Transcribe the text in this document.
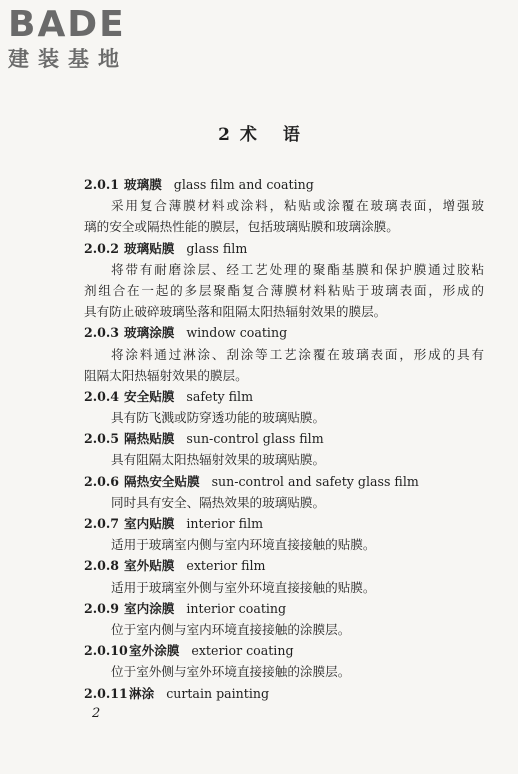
BADE
建装基地
2 术 语
2.0.1 玻璃膜 glass film and coating
采用复合薄膜材料或涂料，粘贴或涂覆在玻璃表面，增强玻
璃的安全或隔热性能的膜层，包括玻璃贴膜和玻璃涂膜。
2.0.2 玻璃贴膜 glass film
将带有耐磨涂层、经工艺处理的聚酯基膜和保护膜通过胶粘
剂组合在一起的多层聚酯复合薄膜材料粘贴于玻璃表面，形成的
具有防止破碎玻璃坠落和阻隔太阳热辐射效果的膜层。
2.0.3 玻璃涂膜 window coating
将涂料通过淋涂、刮涂等工艺涂覆在玻璃表面，形成的具有
阻隔太阳热辐射效果的膜层。
2.0.4 安全贴膜 safety film
具有防飞溅或防穿透功能的玻璃贴膜。
2.0.5 隔热贴膜 sun-control glass film
具有阻隔太阳热辐射效果的玻璃贴膜。
2.0.6 隔热安全贴膜 sun-control and safety glass film
同时具有安全、隔热效果的玻璃贴膜。
2.0.7 室内贴膜 interior film
适用于玻璃室内侧与室内环境直接接触的贴膜。
2.0.8 室外贴膜 exterior film
适用于玻璃室外侧与室外环境直接接触的贴膜。
2.0.9 室内涂膜 interior coating
位于室内侧与室内环境直接接触的涂膜层。
2.0.10室外涂膜 exterior coating
位于室外侧与室外环境直接接触的涂膜层。
2.0.11淋涂 curtain painting
2
